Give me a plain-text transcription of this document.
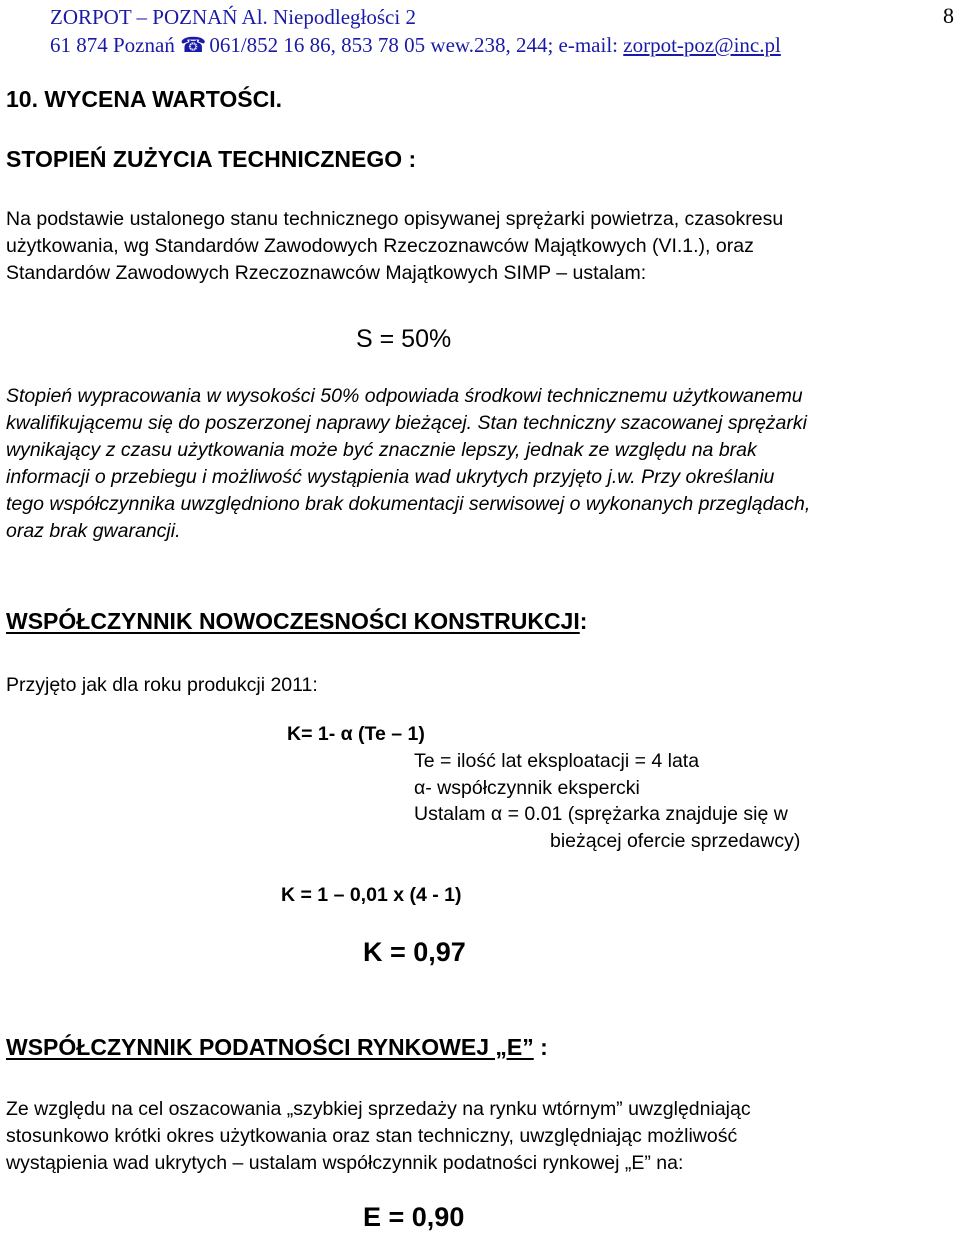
ZORPOT – POZNAŃ Al. Niepodległości 2
61 874 Poznań ☎ 061/852 16 86, 853 78 05 wew.238, 244; e-mail: zorpot-poz@inc.pl
8
10. WYCENA WARTOŚCI.
STOPIEŃ ZUŻYCIA TECHNICZNEGO :
Na podstawie ustalonego stanu technicznego opisywanej sprężarki powietrza, czasokresu
użytkowania, wg Standardów Zawodowych Rzeczoznawców Majątkowych (VI.1.), oraz
Standardów Zawodowych Rzeczoznawców Majątkowych SIMP – ustalam:
S = 50%
Stopień wypracowania w wysokości 50% odpowiada środkowi technicznemu użytkowanemu
kwalifikującemu się do poszerzonej naprawy bieżącej. Stan techniczny szacowanej sprężarki
wynikający z czasu użytkowania może być znacznie lepszy, jednak ze względu na brak
informacji o przebiegu i możliwość wystąpienia wad ukrytych przyjęto j.w. Przy określaniu
tego współczynnika uwzględniono brak dokumentacji serwisowej o wykonanych przeglądach,
oraz brak gwarancji.
WSPÓŁCZYNNIK NOWOCZESNOŚCI KONSTRUKCJI:
Przyjęto jak dla roku produkcji 2011:
K= 1- α (Te – 1)
Te = ilość lat eksploatacji = 4 lata
α- współczynnik ekspercki
Ustalam α = 0.01 (sprężarka znajduje się w
bieżącej ofercie sprzedawcy)
K = 1 – 0,01 x (4 - 1)
K = 0,97
WSPÓŁCZYNNIK PODATNOŚCI RYNKOWEJ „E” :
Ze względu na cel oszacowania „szybkiej sprzedaży na rynku wtórnym” uwzględniając
stosunkowo krótki okres użytkowania oraz stan techniczny, uwzględniając możliwość
wystąpienia wad ukrytych – ustalam współczynnik podatności rynkowej „E” na:
E = 0,90
